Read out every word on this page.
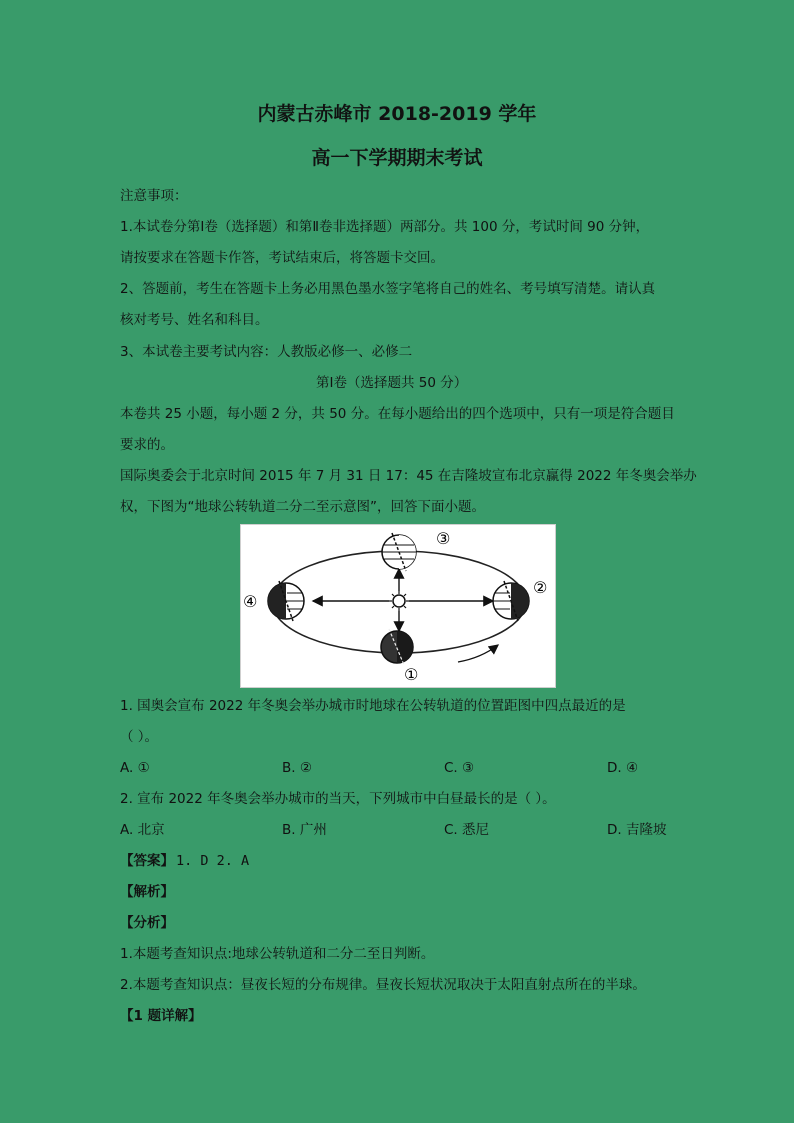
内蒙古赤峰市 2018-2019 学年
高一下学期期末考试
注意事项：
1.本试卷分第Ⅰ卷（选择题）和第Ⅱ卷非选择题）两部分。共 100 分，考试时间 90 分钟，
请按要求在答题卡作答，考试结束后，将答题卡交回。
2、答题前，考生在答题卡上务必用黑色墨水签字笔将自己的姓名、考号填写清楚。请认真
核对考号、姓名和科目。
3、本试卷主要考试内容：人教版必修一、必修二
第Ⅰ卷（选择题共 50 分）
本卷共 25 小题，每小题 2 分，共 50 分。在每小题给出的四个选项中，只有一项是符合题目
要求的。
国际奥委会于北京时间 2015 年 7 月 31 日 17：45 在吉隆坡宣布北京赢得 2022 年冬奥会举办
权，下图为“地球公转轨道二分二至示意图”，回答下面小题。
③
②
④
①
1. 国奥会宣布 2022 年冬奥会举办城市时地球在公转轨道的位置距图中四点最近的是
（ ）。
A. ①	B. ②	C. ③	D. ④
2. 宣布 2022 年冬奥会举办城市的当天，下列城市中白昼最长的是（ ）。
A. 北京	B. 广州	C. 悉尼	D. 吉隆坡
【答案】 1. D 2. A
【解析】
【分析】
1.本题考查知识点:地球公转轨道和二分二至日判断。
2.本题考查知识点：昼夜长短的分布规律。昼夜长短状况取决于太阳直射点所在的半球。
【1 题详解】
